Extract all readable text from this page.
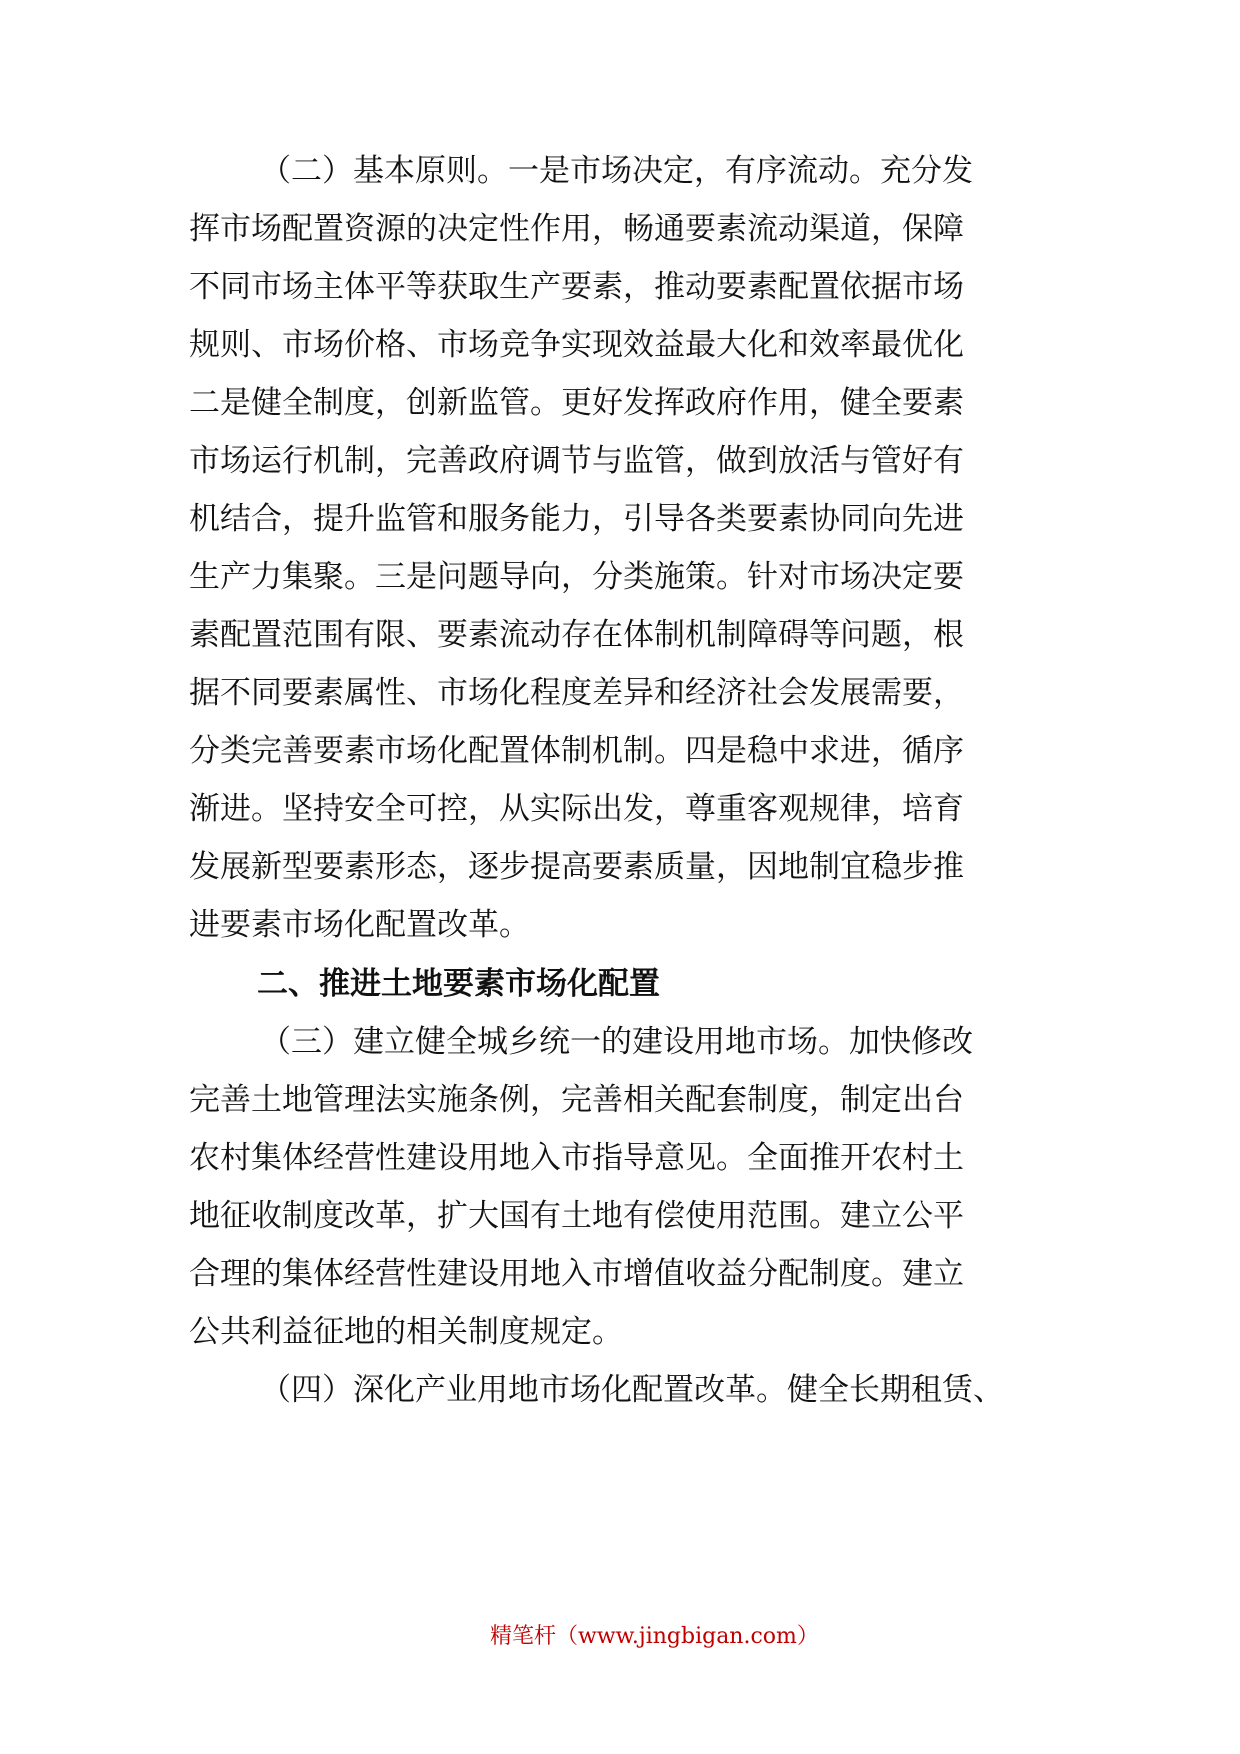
（二）基本原则。一是市场决定，有序流动。充分发
挥市场配置资源的决定性作用，畅通要素流动渠道，保障
不同市场主体平等获取生产要素，推动要素配置依据市场
规则、市场价格、市场竞争实现效益最大化和效率最优化
二是健全制度，创新监管。更好发挥政府作用，健全要素
市场运行机制，完善政府调节与监管，做到放活与管好有
机结合，提升监管和服务能力，引导各类要素协同向先进
生产力集聚。三是问题导向，分类施策。针对市场决定要
素配置范围有限、要素流动存在体制机制障碍等问题，根
据不同要素属性、市场化程度差异和经济社会发展需要，
分类完善要素市场化配置体制机制。四是稳中求进，循序
渐进。坚持安全可控，从实际出发，尊重客观规律，培育
发展新型要素形态，逐步提高要素质量，因地制宜稳步推
进要素市场化配置改革。
二、推进土地要素市场化配置
（三）建立健全城乡统一的建设用地市场。加快修改
完善土地管理法实施条例，完善相关配套制度，制定出台
农村集体经营性建设用地入市指导意见。全面推开农村土
地征收制度改革，扩大国有土地有偿使用范围。建立公平
合理的集体经营性建设用地入市增值收益分配制度。建立
公共利益征地的相关制度规定。
（四）深化产业用地市场化配置改革。健全长期租赁、
精笔杆（www.jingbigan.com）
